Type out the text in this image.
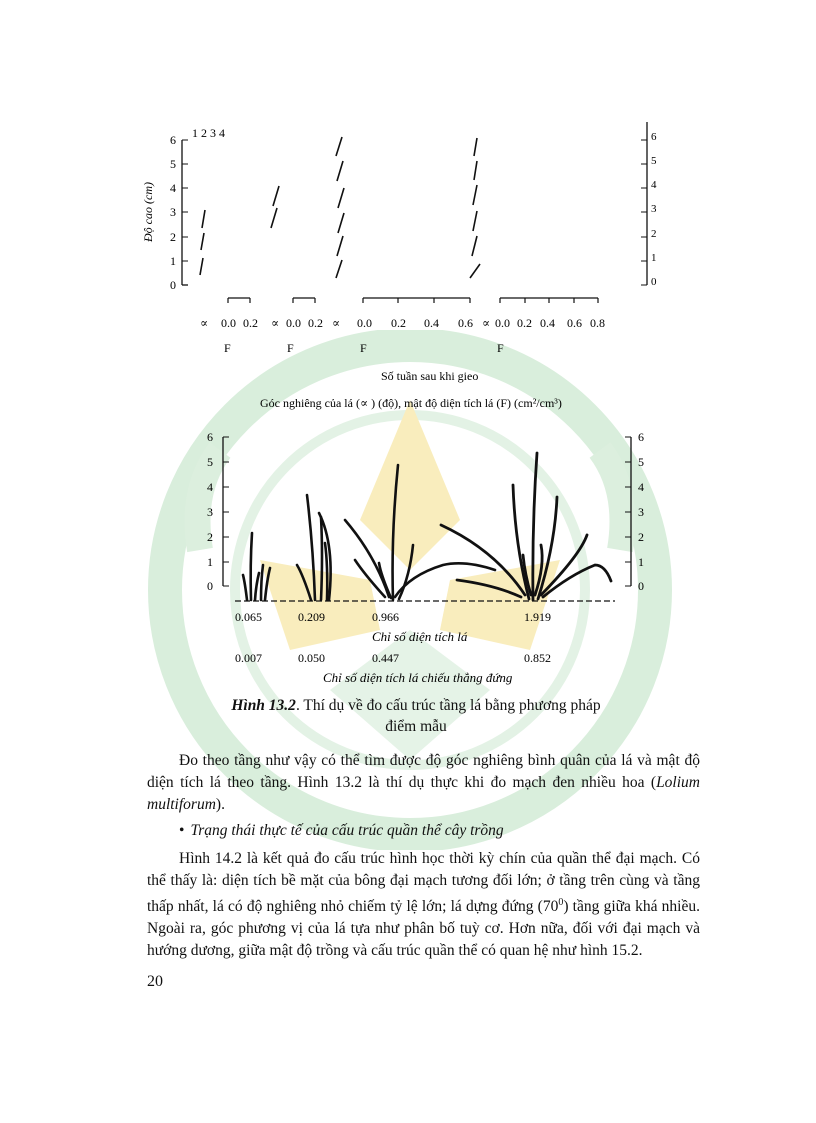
0
1
2
3
4
5
6
Độ cao (cm)
1 2 3 4
0
1
2
3
4
5
6
∝ 0.0 0.2 ∝ 0.0 0.2 ∝ 0.0 0.2 0.4 0.6 ∝ 0.0 0.2 0.4 0.6 0.8
F	F	F	F
Số tuần sau khi gieo
Góc nghiêng của lá (∝ ) (độ), mật độ diện tích lá (F) (cm²/cm³)
0
1
2
3
4
5
6
0
1
2
3
4
5
6
0.065	0.209	0.966	1.919
Chỉ số diện tích lá
0.007	0.050	0.447	0.852
Chỉ số diện tích lá chiếu thẳng đứng
Hình 13.2. Thí dụ về đo cấu trúc tầng lá bằng phương pháp điểm mẫu
Đo theo tầng như vậy có thể tìm được độ góc nghiêng bình quân của lá và mật độ diện tích lá theo tầng. Hình 13.2 là thí dụ thực khi đo mạch đen nhiều hoa (Lolium multiforum).
• Trạng thái thực tế của cấu trúc quần thể cây trồng
Hình 14.2 là kết quả đo cấu trúc hình học thời kỳ chín của quần thể đại mạch. Có thể thấy là: diện tích bề mặt của bông đại mạch tương đối lớn; ở tầng trên cùng và tầng thấp nhất, lá có độ nghiêng nhỏ chiếm tỷ lệ lớn; lá dựng đứng $(70^0)$ tầng giữa khá nhiều. Ngoài ra, góc phương vị của lá tựa như phân bố tuỳ cơ. Hơn nữa, đối với đại mạch và hướng dương, giữa mật độ trồng và cấu trúc quần thể có quan hệ như hình 15.2.
20
